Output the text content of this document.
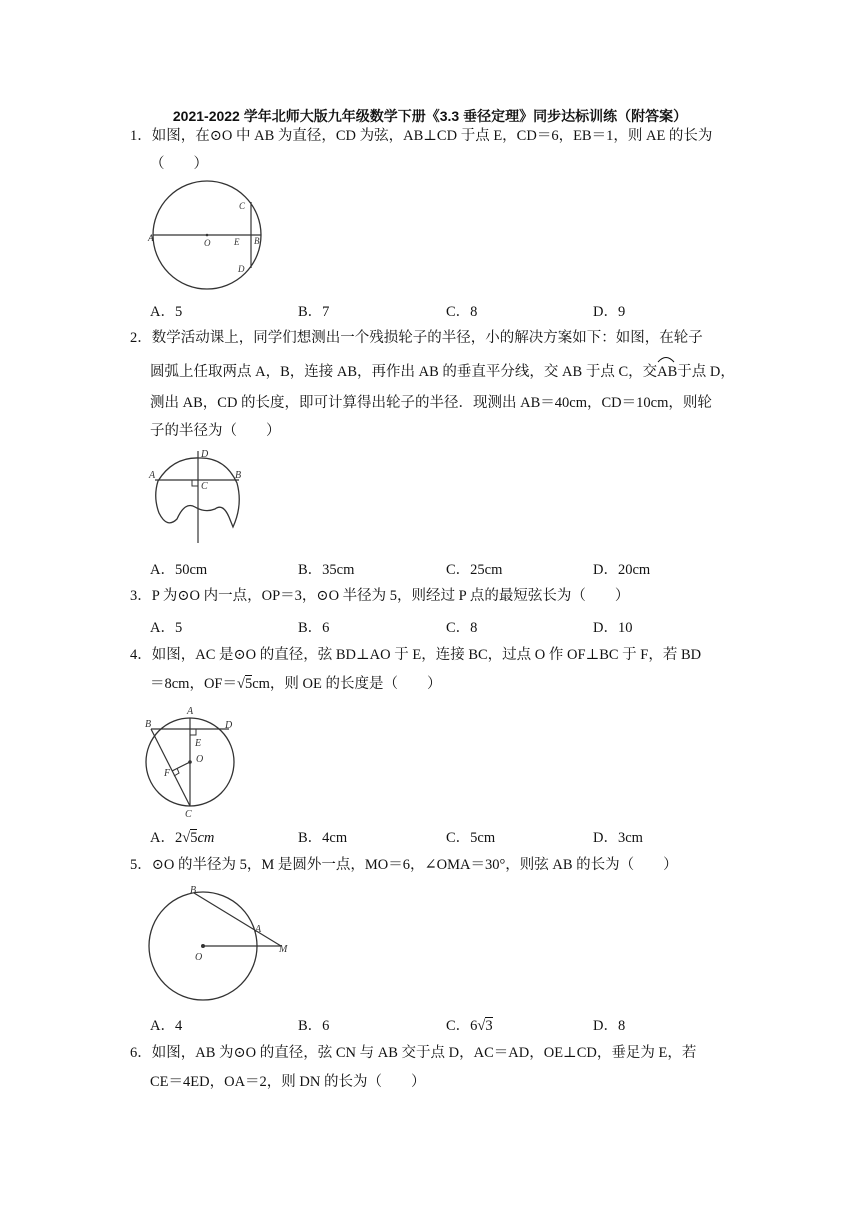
2021-2022 学年北师大版九年级数学下册《3.3 垂径定理》同步达标训练（附答案）
1．如图，在⊙O 中 AB 为直径，CD 为弦，AB⊥CD 于点 E，CD＝6，EB＝1，则 AE 的长为
（　　）
A	O	E B
C
D
A．5	B．7	C．8	D．9
2．数学活动课上，同学们想测出一个残损轮子的半径，小的解决方案如下：如图，在轮子
圆弧上任取两点 A，B，连接 AB，再作出 AB 的垂直平分线，交 AB 于点 C，交
AB于点 D，
测出 AB，CD 的长度，即可计算得出轮子的半径．现测出 AB＝40cm，CD＝10cm，则轮
子的半径为（　　）
A	B
C
D
A．50cm	B．35cm	C．25cm	D．20cm
3．P 为⊙O 内一点，OP＝3，⊙O 半径为 5，则经过 P 点的最短弦长为（　　）
A．5	B．6	C．8	D．10
4．如图，AC 是⊙O 的直径，弦 BD⊥AO 于 E，连接 BC，过点 O 作 OF⊥BC 于 F，若 BD
＝8cm，OF＝√5cm，则 OE 的长度是（　　）
A
B	D
E
O
F
C
A．2√5cm	B．4cm	C．5cm	D．3cm
5．⊙O 的半径为 5，M 是圆外一点，MO＝6，∠OMA＝30°，则弦 AB 的长为（　　）
B
A
O
M
A．4	B．6	C．6√3	D．8
6．如图，AB 为⊙O 的直径，弦 CN 与 AB 交于点 D，AC＝AD，OE⊥CD，垂足为 E，若
CE＝4ED，OA＝2，则 DN 的长为（　　）
